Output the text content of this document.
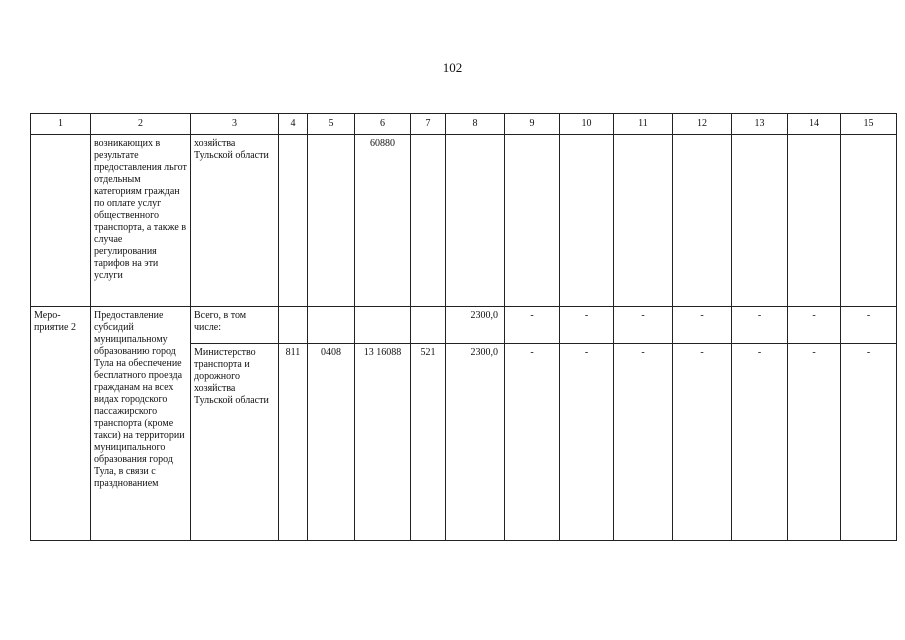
102
1	2	3	4	5	6	7	8	9	10	11	12	13	14	15
	возникающих в результате предоставления льгот отдельным категориям граждан по оплате услуг общественного транспорта, а также в случае регулирования тарифов на эти услуги	хозяйства Тульской области			60880									
Меро-приятие 2	Предоставление субсидий муниципальному образованию город Тула на обеспечение бесплатного проезда гражданам на всех видах городского пассажирского транспорта (кроме такси) на территории муниципального образования город Тула, в связи с празднованием	Всего, в том числе:					2300,0	-	-	-	-	-	-	-
		Министерство транспорта и дорожного хозяйства Тульской области	811	0408	13 16088	521	2300,0	-	-	-	-	-	-	-
